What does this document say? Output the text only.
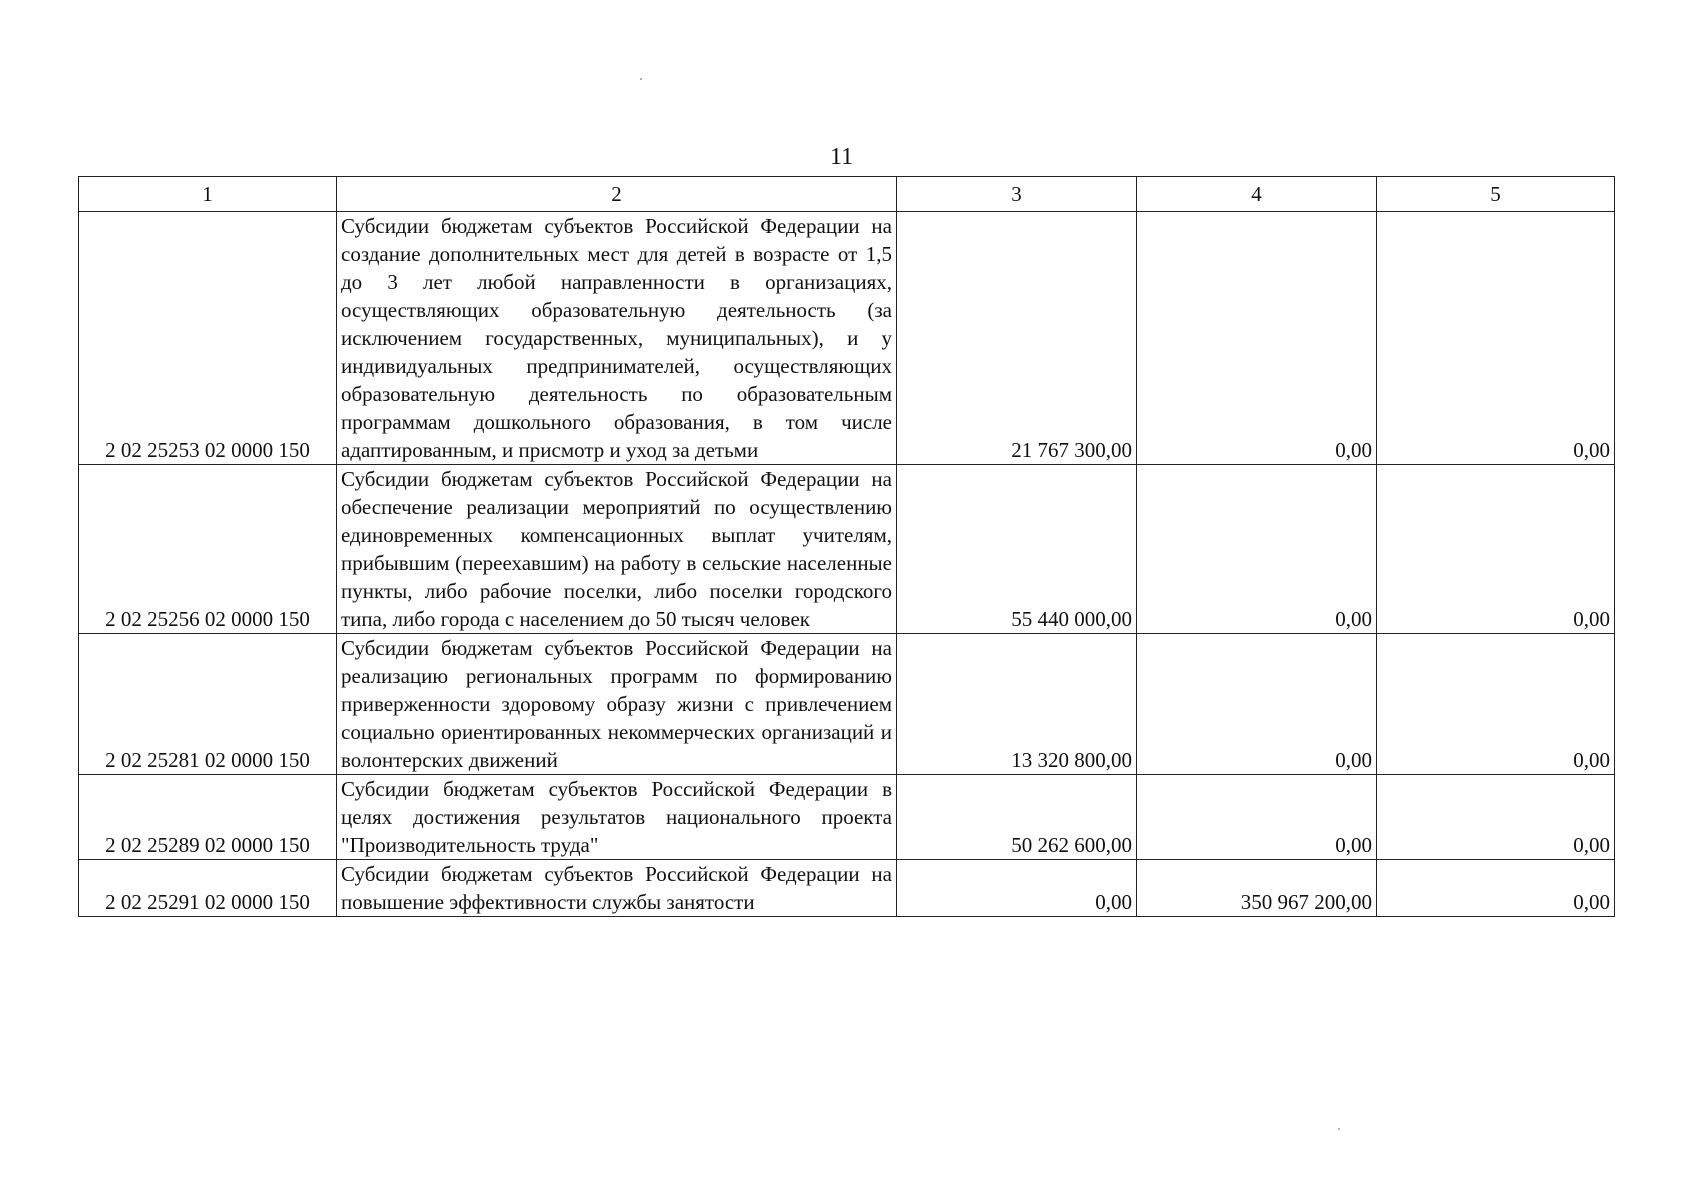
11
1	2	3	4	5
2 02 25253 02 0000 150	Субсидии бюджетам субъектов Российской Федерации на создание дополнительных мест для детей в возрасте от 1,5 до 3 лет любой направленности в организациях, осуществляющих образовательную деятельность (за исключением государственных, муниципальных), и у индивидуальных предпринимателей, осуществляющих образовательную деятельность по образовательным программам дошкольного образования, в том числе адаптированным, и присмотр и уход за детьми	21 767 300,00	0,00	0,00
2 02 25256 02 0000 150	Субсидии бюджетам субъектов Российской Федерации на обеспечение реализации мероприятий по осуществлению единовременных компенсационных выплат учителям, прибывшим (переехавшим) на работу в сельские населенные пункты, либо рабочие поселки, либо поселки городского типа, либо города с населением до 50 тысяч человек	55 440 000,00	0,00	0,00
2 02 25281 02 0000 150	Субсидии бюджетам субъектов Российской Федерации на реализацию региональных программ по формированию приверженности здоровому образу жизни с привлечением социально ориентированных некоммерческих организаций и волонтерских движений	13 320 800,00	0,00	0,00
2 02 25289 02 0000 150	Субсидии бюджетам субъектов Российской Федерации в целях достижения результатов национального проекта "Производительность труда"	50 262 600,00	0,00	0,00
2 02 25291 02 0000 150	Субсидии бюджетам субъектов Российской Федерации на повышение эффективности службы занятости	0,00	350 967 200,00	0,00
